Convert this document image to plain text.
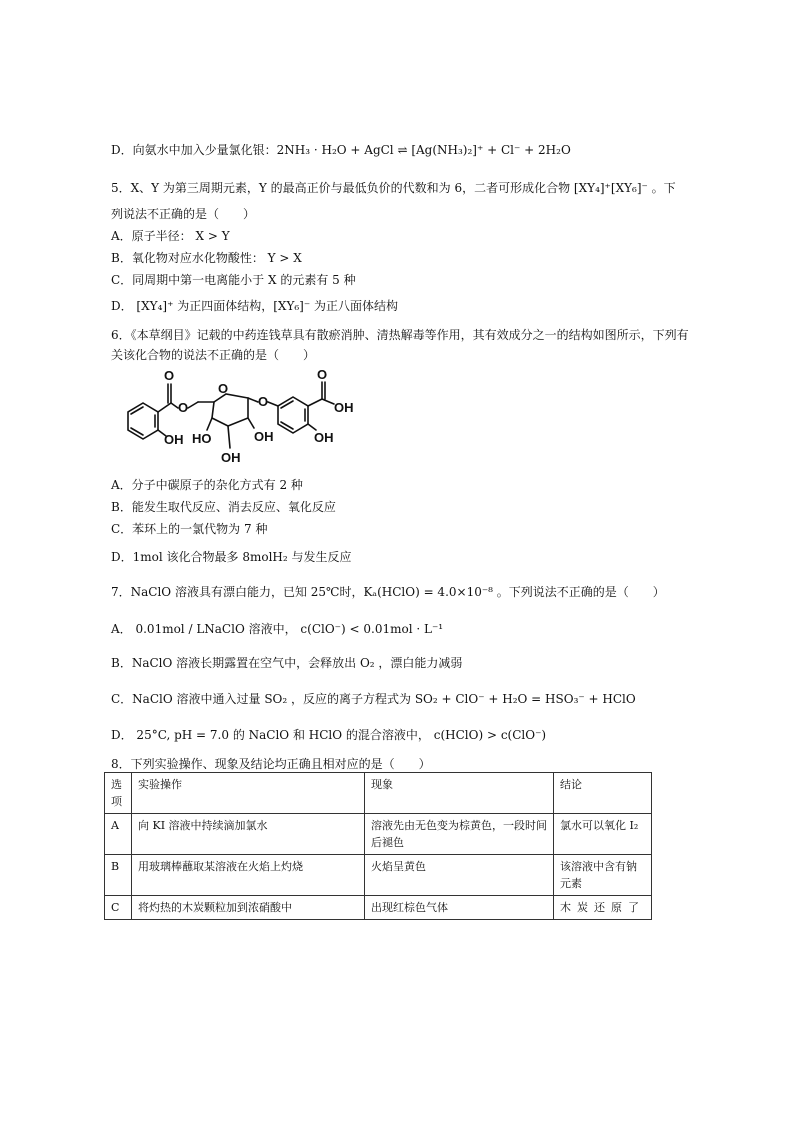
D．向氨水中加入少量氯化银：2NH₃ · H₂O + AgCl ⇌ [Ag(NH₃)₂]⁺ + Cl⁻ + 2H₂O
5．X、Y 为第三周期元素，Y 的最高正价与最低负价的代数和为 6，二者可形成化合物 [XY₄]⁺[XY₆]⁻ 。下
列说法不正确的是（　　）
A．原子半径： X > Y
B．氧化物对应水化物酸性： Y > X
C．同周期中第一电离能小于 X 的元素有 5 种
D． [XY₄]⁺ 为正四面体结构，[XY₆]⁻ 为正八面体结构
6．《本草纲目》记载的中药连钱草具有散瘀消肿、清热解毒等作用，其有效成分之一的结构如图所示，下列有
关该化合物的说法不正确的是（　　）
O
O
O
O
O
OH HO	OH
OH
OH
OH
A．分子中碳原子的杂化方式有 2 种
B．能发生取代反应、消去反应、氧化反应
C．苯环上的一氯代物为 7 种
D．1mol 该化合物最多 8molH₂ 与发生反应
7．NaClO 溶液具有漂白能力，已知 25℃时，Kₐ(HClO) = 4.0×10⁻⁸ 。下列说法不正确的是（　　）
A． 0.01mol / LNaClO 溶液中， c(ClO⁻) < 0.01mol · L⁻¹
B．NaClO 溶液长期露置在空气中，会释放出 O₂ ，漂白能力减弱
C．NaClO 溶液中通入过量 SO₂ ，反应的离子方程式为 SO₂ + ClO⁻ + H₂O = HSO₃⁻ + HClO
D． 25°C, pH = 7.0 的 NaClO 和 HClO 的混合溶液中， c(HClO) > c(ClO⁻)
8．下列实验操作、现象及结论均正确且相对应的是（　　）
选项	实验操作	现象	结论
A	向 KI 溶液中持续滴加氯水	溶液先由无色变为棕黄色，一段时间后褪色	氯水可以氧化 I₂
B	用玻璃棒蘸取某溶液在火焰上灼烧	火焰呈黄色	该溶液中含有钠元素
C	将灼热的木炭颗粒加到浓硝酸中	出现红棕色气体	木炭还原了
